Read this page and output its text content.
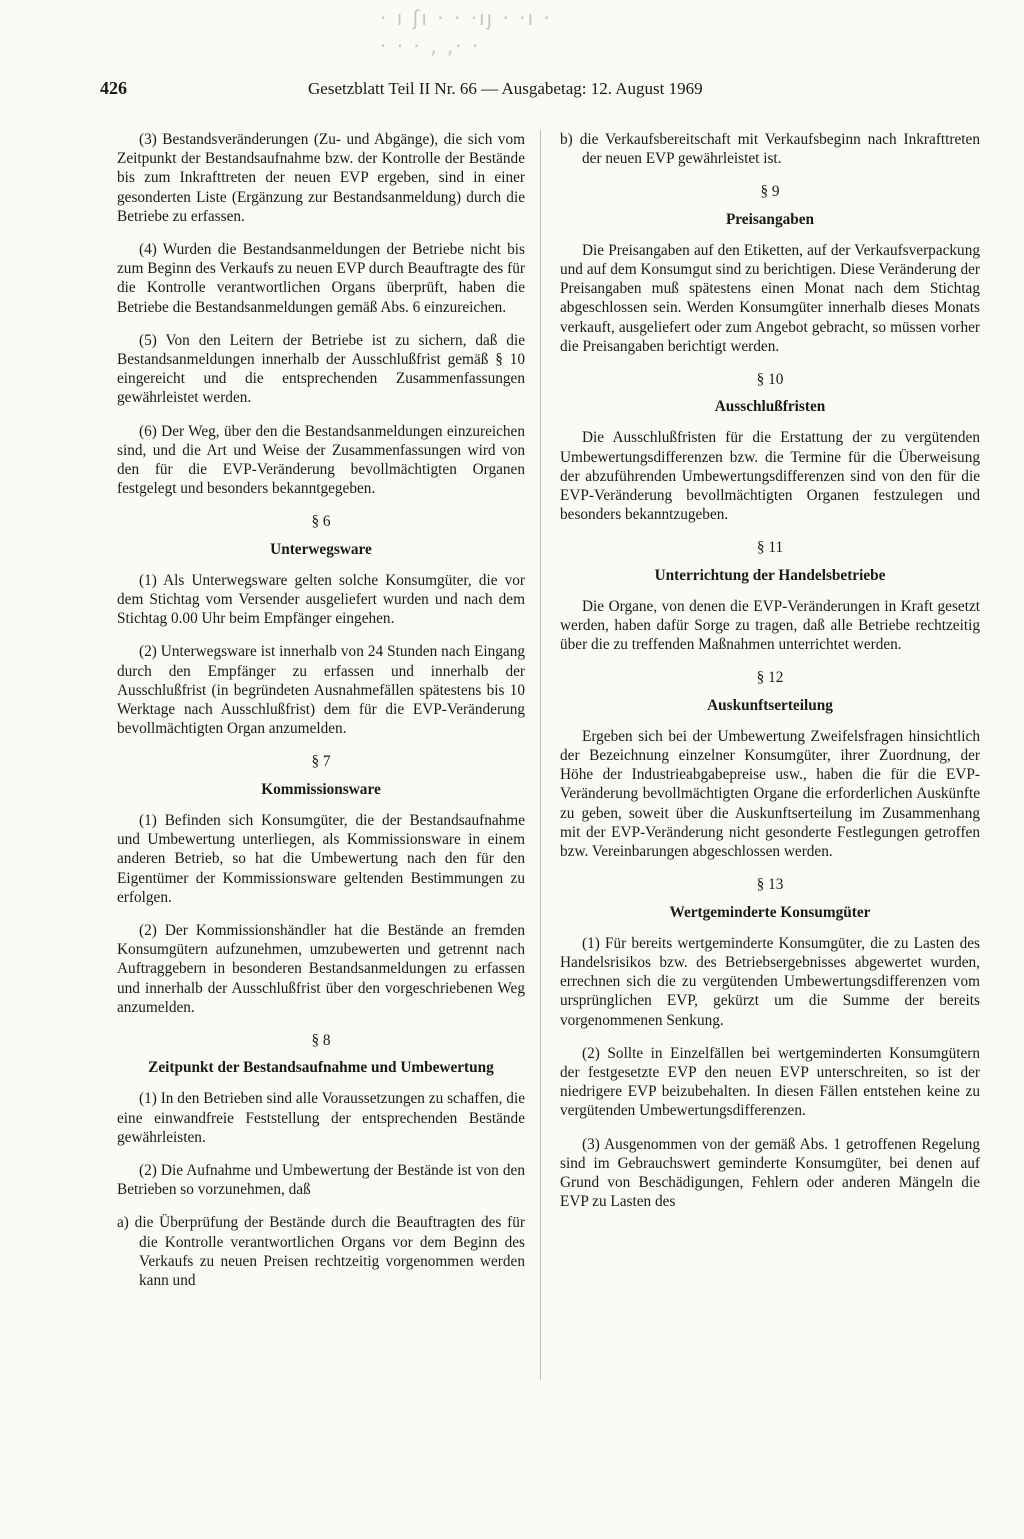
· ı ʃı · · ·ıȷ · ·ı ·
· · · ‚ ‚· ·
426	Gesetzblatt Teil II Nr. 66 — Ausgabetag: 12. August 1969

(3) Bestandsveränderungen (Zu- und Abgänge), die sich vom Zeitpunkt der Bestandsaufnahme bzw. der Kontrolle der Bestände bis zum Inkrafttreten der neuen EVP ergeben, sind in einer gesonderten Liste (Ergänzung zur Bestandsanmeldung) durch die Betriebe zu erfassen.

(4) Wurden die Bestandsanmeldungen der Betriebe nicht bis zum Beginn des Verkaufs zu neuen EVP durch Beauftragte des für die Kontrolle verantwortlichen Organs überprüft, haben die Betriebe die Bestandsanmeldungen gemäß Abs. 6 einzureichen.

(5) Von den Leitern der Betriebe ist zu sichern, daß die Bestandsanmeldungen innerhalb der Ausschlußfrist gemäß § 10 eingereicht und die entsprechenden Zusammenfassungen gewährleistet werden.

(6) Der Weg, über den die Bestandsanmeldungen einzureichen sind, und die Art und Weise der Zusammenfassungen wird von den für die EVP-Veränderung bevollmächtigten Organen festgelegt und besonders bekanntgegeben.

§ 6

Unterwegsware

(1) Als Unterwegsware gelten solche Konsumgüter, die vor dem Stichtag vom Versender ausgeliefert wurden und nach dem Stichtag 0.00 Uhr beim Empfänger eingehen.

(2) Unterwegsware ist innerhalb von 24 Stunden nach Eingang durch den Empfänger zu erfassen und innerhalb der Ausschlußfrist (in begründeten Ausnahmefällen spätestens bis 10 Werktage nach Ausschlußfrist) dem für die EVP-Veränderung bevollmächtigten Organ anzumelden.

§ 7

Kommissionsware

(1) Befinden sich Konsumgüter, die der Bestandsaufnahme und Umbewertung unterliegen, als Kommissionsware in einem anderen Betrieb, so hat die Umbewertung nach den für den Eigentümer der Kommissionsware geltenden Bestimmungen zu erfolgen.

(2) Der Kommissionshändler hat die Bestände an fremden Konsumgütern aufzunehmen, umzubewerten und getrennt nach Auftraggebern in besonderen Bestandsanmeldungen zu erfassen und innerhalb der Ausschlußfrist über den vorgeschriebenen Weg anzumelden.

§ 8

Zeitpunkt der Bestandsaufnahme und Umbewertung

(1) In den Betrieben sind alle Voraussetzungen zu schaffen, die eine einwandfreie Feststellung der entsprechenden Bestände gewährleisten.

(2) Die Aufnahme und Umbewertung der Bestände ist von den Betrieben so vorzunehmen, daß

a) die Überprüfung der Bestände durch die Beauftragten des für die Kontrolle verantwortlichen Organs vor dem Beginn des Verkaufs zu neuen Preisen rechtzeitig vorgenommen werden kann und

b) die Verkaufsbereitschaft mit Verkaufsbeginn nach Inkrafttreten der neuen EVP gewährleistet ist.

§ 9

Preisangaben

Die Preisangaben auf den Etiketten, auf der Verkaufsverpackung und auf dem Konsumgut sind zu berichtigen. Diese Veränderung der Preisangaben muß spätestens einen Monat nach dem Stichtag abgeschlossen sein. Werden Konsumgüter innerhalb dieses Monats verkauft, ausgeliefert oder zum Angebot gebracht, so müssen vorher die Preisangaben berichtigt werden.

§ 10

Ausschlußfristen

Die Ausschlußfristen für die Erstattung der zu vergütenden Umbewertungsdifferenzen bzw. die Termine für die Überweisung der abzuführenden Umbewertungsdifferenzen sind von den für die EVP-Veränderung bevollmächtigten Organen festzulegen und besonders bekanntzugeben.

§ 11

Unterrichtung der Handelsbetriebe

Die Organe, von denen die EVP-Veränderungen in Kraft gesetzt werden, haben dafür Sorge zu tragen, daß alle Betriebe rechtzeitig über die zu treffenden Maßnahmen unterrichtet werden.

§ 12

Auskunftserteilung

Ergeben sich bei der Umbewertung Zweifelsfragen hinsichtlich der Bezeichnung einzelner Konsumgüter, ihrer Zuordnung, der Höhe der Industrieabgabepreise usw., haben die für die EVP-Veränderung bevollmächtigten Organe die erforderlichen Auskünfte zu geben, soweit über die Auskunftserteilung im Zusammenhang mit der EVP-Veränderung nicht gesonderte Festlegungen getroffen bzw. Vereinbarungen abgeschlossen werden.

§ 13

Wertgeminderte Konsumgüter

(1) Für bereits wertgeminderte Konsumgüter, die zu Lasten des Handelsrisikos bzw. des Betriebsergebnisses abgewertet wurden, errechnen sich die zu vergütenden Umbewertungsdifferenzen vom ursprünglichen EVP, gekürzt um die Summe der bereits vorgenommenen Senkung.

(2) Sollte in Einzelfällen bei wertgeminderten Konsumgütern der festgesetzte EVP den neuen EVP unterschreiten, so ist der niedrigere EVP beizubehalten. In diesen Fällen entstehen keine zu vergütenden Umbewertungsdifferenzen.

(3) Ausgenommen von der gemäß Abs. 1 getroffenen Regelung sind im Gebrauchswert geminderte Konsumgüter, bei denen auf Grund von Beschädigungen, Fehlern oder anderen Mängeln die EVP zu Lasten des
